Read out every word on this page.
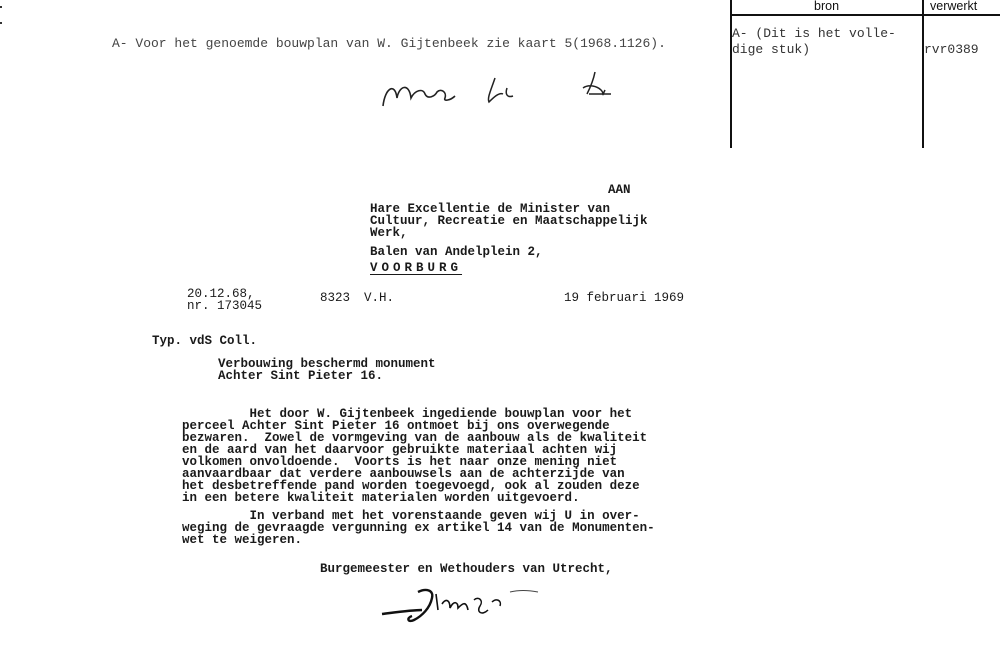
A- Voor het genoemde bouwplan van W. Gijtenbeek zie kaart 5(1968.1126).
bron	verwerkt
A- (Dit is het volle-
dige stuk)	rvr0389
AAN
Hare Excellentie de Minister van
Cultuur, Recreatie en Maatschappelijk
Werk,
Balen van Andelplein 2,
VOORBURG
20.12.68,
nr. 173045
8323 V.H.	19 februari 1969
Typ. vdS Coll.
Verbouwing beschermd monument
Achter Sint Pieter 16.
Het door W. Gijtenbeek ingediende bouwplan voor het
perceel Achter Sint Pieter 16 ontmoet bij ons overwegende
bezwaren.  Zowel de vormgeving van de aanbouw als de kwaliteit
en de aard van het daarvoor gebruikte materiaal achten wij
volkomen onvoldoende.  Voorts is het naar onze mening niet
aanvaardbaar dat verdere aanbouwsels aan de achterzijde van
het desbetreffende pand worden toegevoegd, ook al zouden deze
in een betere kwaliteit materialen worden uitgevoerd.
In verband met het vorenstaande geven wij U in over-
weging de gevraagde vergunning ex artikel 14 van de Monumenten-
wet te weigeren.
Burgemeester en Wethouders van Utrecht,
